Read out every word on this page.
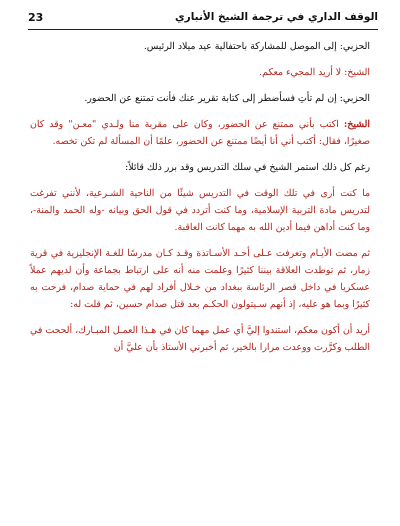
الوقف الداري في ترجمة الشيخ الأنباري
23

الحزبي: إلى الموصل للمشاركة باحتفالية عيد ميلاد الرئيس.

الشيخ: لا أريد المجيء معكم.

الحزبي: إن لم تأتِ فسأضطر إلى كتابة تقرير عنك فأنت تمتنع عن الحضور.

الشيخ: اكتب بأني ممتنع عن الحضور، وكان على مقربة منا ولـدي "معـن" وقد كان صغيرًا، فقال: أكتب أني أنا أيضًا ممتنع عن الحضور، علمًا أن المسألة لم تكن تخصه.

رغم كل ذلك استمر الشيخ في سلك التدريس وقد برر ذلك قائلاً:

ما كنت أرى في تلك الوقت في التدريس شيئًا من الناحية الشـرعية، لأنني تفرغت لتدريس مادة التربية الإسلامية، وما كنت أتردد في قول الحق وبيانه -وله الحمد والمنة-، وما كنت أداهن فيما أدين الله به مهما كانت العاقبة.

ثم مضت الأيـام وتعرفت عـلى أحـد الأسـاتذة وقـد كـان مدرسًا للغـة الإنجليزية في قرية زمار، ثم توطدت العلاقة بيننا كثيرًا وعلمت منه أنه على ارتباط بجماعة وأن لديهم عملاً عسكريا في داخل قصر الرئاسة ببغداد من خـلال أفراد لهم في حماية صدام، فرحت به كثيرًا وبما هو عليه، إذ أنهم سـيتولون الحكـم بعد قتل صدام حسين، ثم قلت له:

أريد أن أكون معكم، استندوا إليَّ أي عمل مهما كان في هـذا العمـل المبـارك، ألححت في الطلب وكرَّرت ووعدت مرارا بالخير، ثم أخبرني الأستاذ بأن عليَّ أن
